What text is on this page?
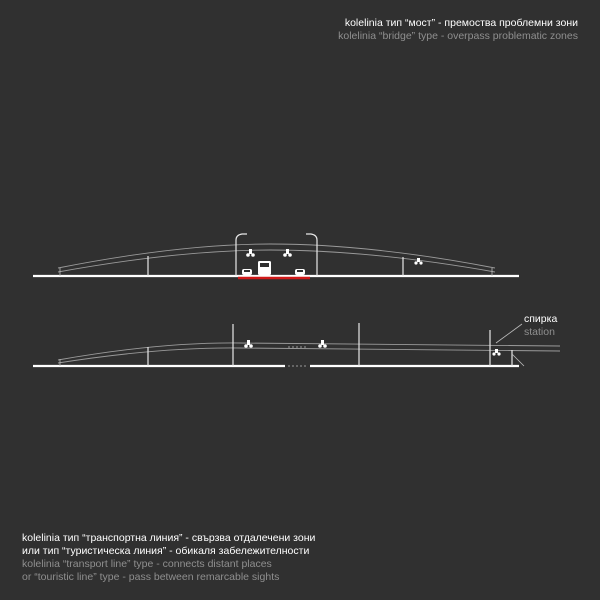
kolelinia тип “мост” - премоства проблемни зони
kolelinia “bridge” type - overpass problematic zones
спирка
station
kolelinia тип “транспортна линия” - свързва отдалечени зони
или тип “туристическа линия” - обикаля забележителности
kolelinia “transport line” type - connects distant places
or “touristic line” type - pass between remarcable sights
